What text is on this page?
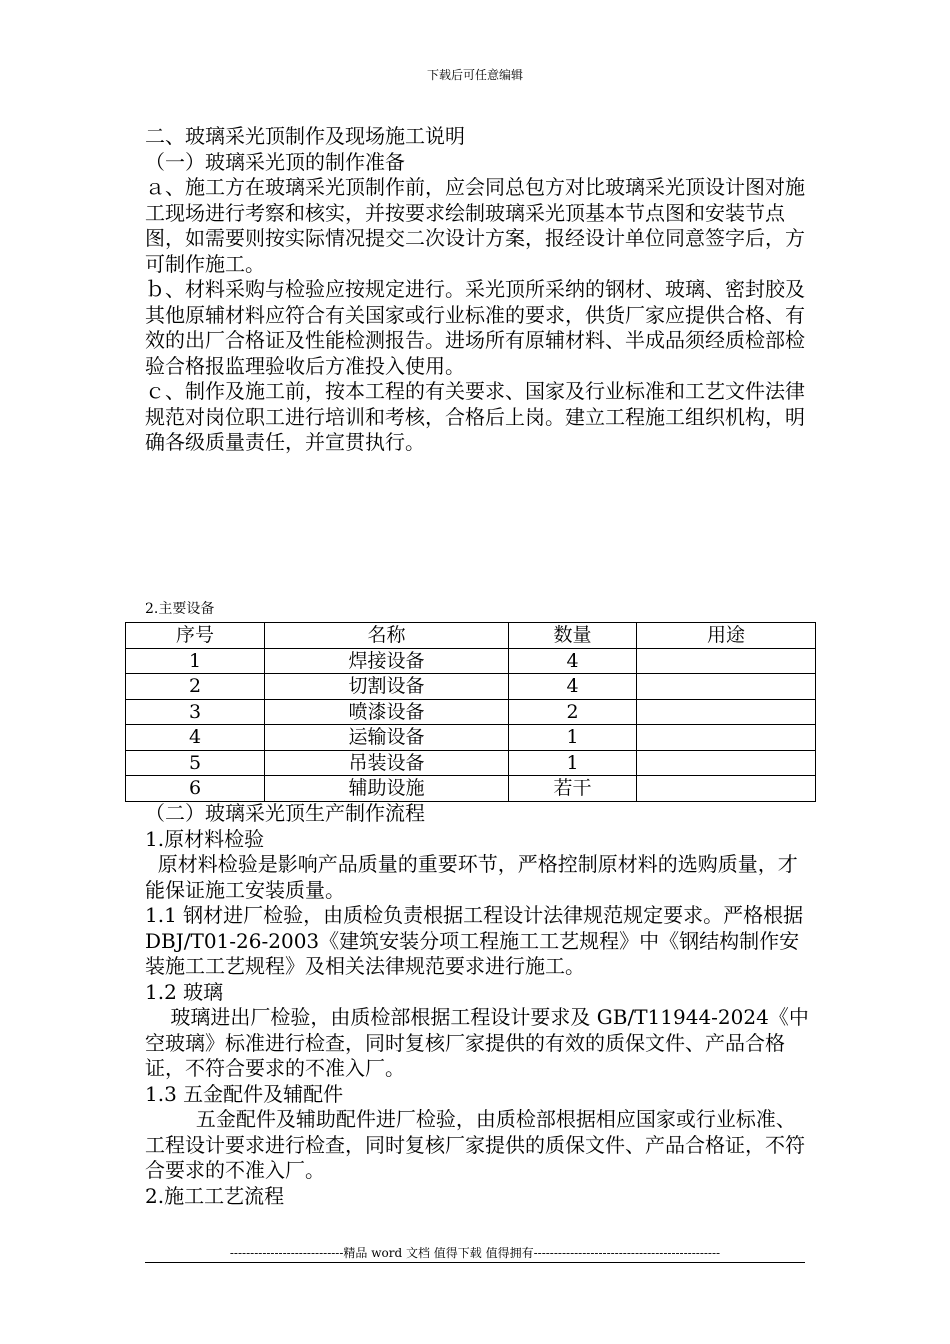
下载后可任意编辑

二、玻璃采光顶制作及现场施工说明

（一）玻璃采光顶的制作准备

ａ、施工方在玻璃采光顶制作前，应会同总包方对比玻璃采光顶设计图对施工现场进行考察和核实，并按要求绘制玻璃采光顶基本节点图和安装节点图，如需要则按实际情况提交二次设计方案，报经设计单位同意签字后，方可制作施工。

ｂ、材料采购与检验应按规定进行。采光顶所采纳的钢材、玻璃、密封胶及其他原辅材料应符合有关国家或行业标准的要求，供货厂家应提供合格、有效的出厂合格证及性能检测报告。进场所有原辅材料、半成品须经质检部检验合格报监理验收后方准投入使用。

ｃ、制作及施工前，按本工程的有关要求、国家及行业标准和工艺文件法律规范对岗位职工进行培训和考核，合格后上岗。建立工程施工组织机构，明确各级质量责任，并宣贯执行。

2.主要设备
序号	名称	数量	用途
1	焊接设备	4	
2	切割设备	4	
3	喷漆设备	2	
4	运输设备	1	
5	吊装设备	1	
6	辅助设施	若干	

（二）玻璃采光顶生产制作流程

1.原材料检验

原材料检验是影响产品质量的重要环节，严格控制原材料的选购质量，才能保证施工安装质量。

1.1 钢材进厂检验，由质检负责根据工程设计法律规范规定要求。严格根据 DBJ/T01-26-2003《建筑安装分项工程施工工艺规程》中《钢结构制作安装施工工艺规程》及相关法律规范要求进行施工。

1.2 玻璃

玻璃进出厂检验，由质检部根据工程设计要求及 GB/T11944-2024《中空玻璃》标准进行检查，同时复核厂家提供的有效的质保文件、产品合格证，不符合要求的不准入厂。

1.3 五金配件及辅配件

五金配件及辅助配件进厂检验，由质检部根据相应国家或行业标准、工程设计要求进行检查，同时复核厂家提供的质保文件、产品合格证，不符合要求的不准入厂。

2.施工工艺流程

----------------------------精品 word 文档 值得下载 值得拥有----------------------------------------------
